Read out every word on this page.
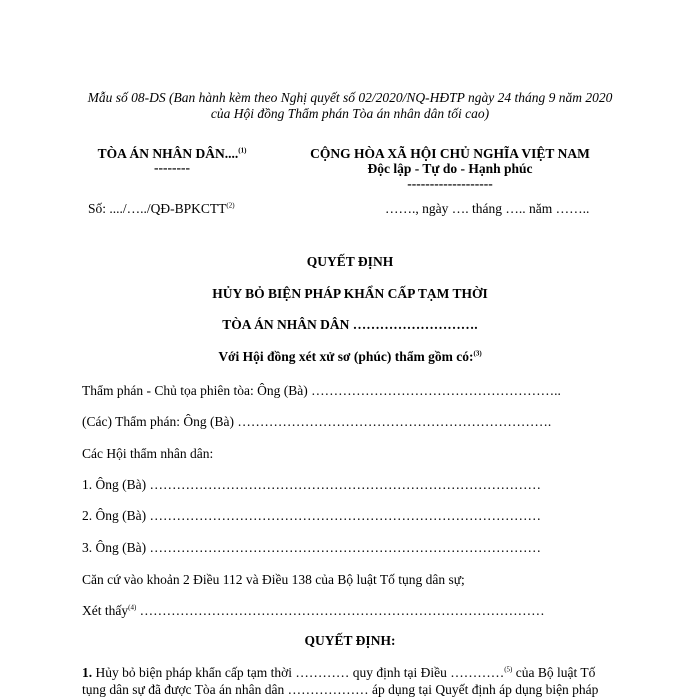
Mẫu số 08-DS (Ban hành kèm theo Nghị quyết số 02/2020/NQ-HĐTP ngày 24 tháng 9 năm 2020
của Hội đồng Thẩm phán Tòa án nhân dân tối cao)
TÒA ÁN NHÂN DÂN....$^{(1)}$
--------
CỘNG HÒA XÃ HỘI CHỦ NGHĨA VIỆT NAM
Độc lập - Tự do - Hạnh phúc
-------------------
Số: ..../…../QĐ-BPKCTT$^{(2)}$	……., ngày …. tháng ….. năm ……..
QUYẾT ĐỊNH
HỦY BỎ BIỆN PHÁP KHẨN CẤP TẠM THỜI
TÒA ÁN NHÂN DÂN ……………………….
Với Hội đồng xét xử sơ (phúc) thẩm gồm có:$^{(3)}$
Thẩm phán - Chủ tọa phiên tòa: Ông (Bà) ………………………………………………..
(Các) Thẩm phán: Ông (Bà) …………………………………………………………….
Các Hội thẩm nhân dân:
1. Ông (Bà) ……………………………………………………………………………
2. Ông (Bà) ……………………………………………………………………………
3. Ông (Bà) ……………………………………………………………………………
Căn cứ vào khoản 2 Điều 112 và Điều 138 của Bộ luật Tố tụng dân sự;
Xét thấy$^{(4)}$ ………………………………………………………………………………
QUYẾT ĐỊNH:
1. Hủy bỏ biện pháp khẩn cấp tạm thời ………… quy định tại Điều …………$^{(5)}$ của Bộ luật Tố
tụng dân sự đã được Tòa án nhân dân ……………… áp dụng tại Quyết định áp dụng biện pháp
